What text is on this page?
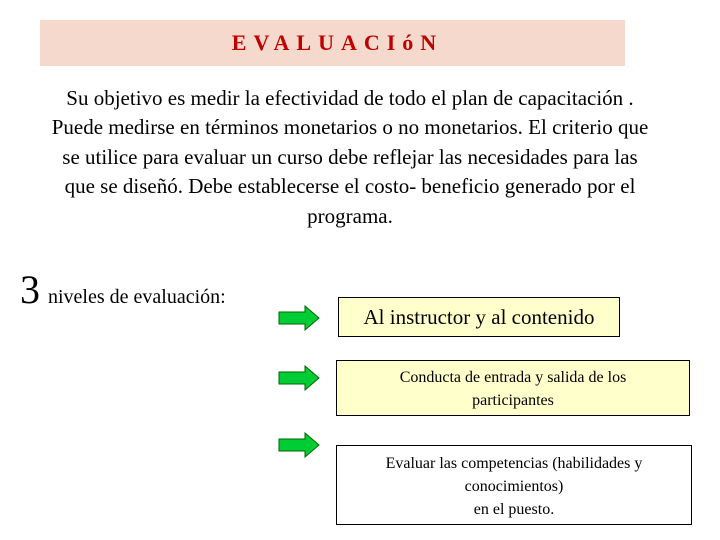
EVALUACIóN
Su objetivo es medir la efectividad de todo el plan de capacitación . Puede medirse en términos monetarios o no monetarios. El criterio que se utilice para evaluar un curso debe reflejar las necesidades para las que se diseñó. Debe establecerse el costo- beneficio generado por el programa.
3 niveles de evaluación:
Al instructor y al contenido
Conducta de entrada y salida de los
participantes
Evaluar las competencias (habilidades y
conocimientos)
en el puesto.
